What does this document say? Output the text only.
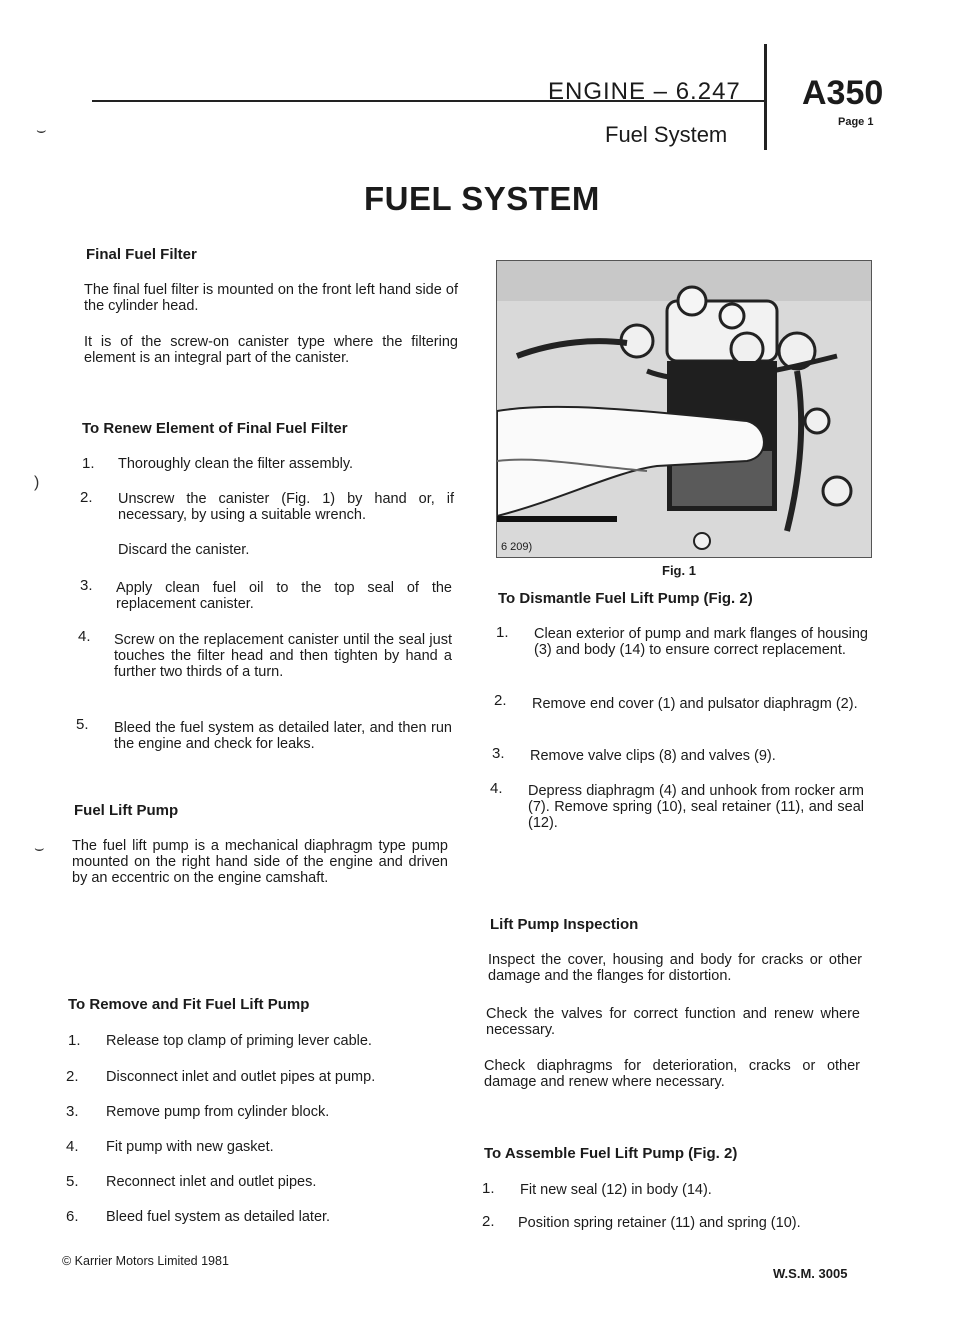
ENGINE – 6.247
Fuel System
A350
Page 1
FUEL SYSTEM
⌣
)
⌣
Final Fuel Filter
The final fuel filter is mounted on the front left hand side of the cylinder head.
It is of the screw-on canister type where the filtering element is an integral part of the canister.
To Renew Element of Final Fuel Filter
1. Thoroughly clean the filter assembly.
2. Unscrew the canister (Fig. 1) by hand or, if necessary, by using a suitable wrench.
Discard the canister.
3. Apply clean fuel oil to the top seal of the replacement canister.
4. Screw on the replacement canister until the seal just touches the filter head and then tighten by hand a further two thirds of a turn.
5. Bleed the fuel system as detailed later, and then run the engine and check for leaks.
Fuel Lift Pump
The fuel lift pump is a mechanical diaphragm type pump mounted on the right hand side of the engine and driven by an eccentric on the engine camshaft.
To Remove and Fit Fuel Lift Pump
1. Release top clamp of priming lever cable.
2. Disconnect inlet and outlet pipes at pump.
3. Remove pump from cylinder block.
4. Fit pump with new gasket.
5. Reconnect inlet and outlet pipes.
6. Bleed fuel system as detailed later.
6 209)
Fig. 1
To Dismantle Fuel Lift Pump (Fig. 2)
1. Clean exterior of pump and mark flanges of housing (3) and body (14) to ensure correct replacement.
2. Remove end cover (1) and pulsator diaphragm (2).
3. Remove valve clips (8) and valves (9).
4. Depress diaphragm (4) and unhook from rocker arm (7). Remove spring (10), seal retainer (11), and seal (12).
Lift Pump Inspection
Inspect the cover, housing and body for cracks or other damage and the flanges for distortion.
Check the valves for correct function and renew where necessary.
Check diaphragms for deterioration, cracks or other damage and renew where necessary.
To Assemble Fuel Lift Pump (Fig. 2)
1. Fit new seal (12) in body (14).
2. Position spring retainer (11) and spring (10).
© Karrier Motors Limited 1981
W.S.M. 3005
